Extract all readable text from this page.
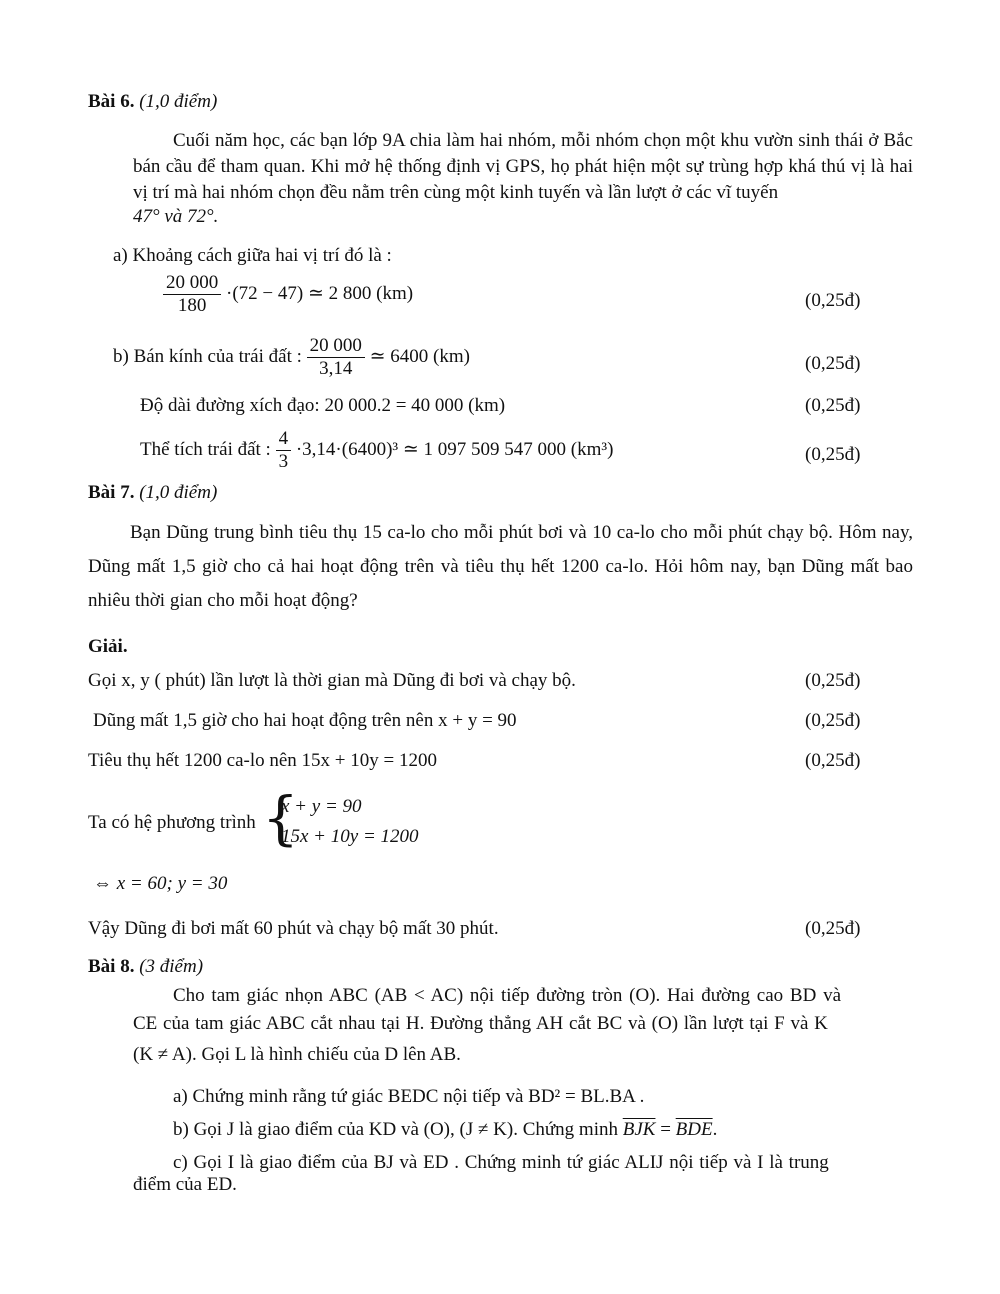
Bài 6. (1,0 điểm)
Cuối năm học, các bạn lớp 9A chia làm hai nhóm, mỗi nhóm chọn một khu vườn sinh thái ở Bắc bán cầu để tham quan. Khi mở hệ thống định vị GPS, họ phát hiện một sự trùng hợp khá thú vị là hai vị trí mà hai nhóm chọn đều nằm trên cùng một kinh tuyến và lần lượt ở các vĩ tuyến
47° và 72°.
a) Khoảng cách giữa hai vị trí đó là :
$\frac{20 000}{180} \cdot(72 - 47)$ ≃ 2 800 (km)	(0,25đ)
b) Bán kính của trái đất : $\frac{20 000}{3,14}$ ≃ 6400 (km)	(0,25đ)
Độ dài đường xích đạo: 20 000.2 = 40 000 (km)	(0,25đ)
Thể tích trái đất : $\frac{4}{3} \cdot 3,14\cdot(6400)^3$ ≃ 1 097 509 547 000 (km³)	(0,25đ)
Bài 7. (1,0 điểm)
Bạn Dũng trung bình tiêu thụ 15 ca-lo cho mỗi phút bơi và 10 ca-lo cho mỗi phút chạy bộ. Hôm nay, Dũng mất 1,5 giờ cho cả hai hoạt động trên và tiêu thụ hết 1200 ca-lo. Hỏi hôm nay, bạn Dũng mất bao nhiêu thời gian cho mỗi hoạt động?
Giải.
Gọi x, y ( phút) lần lượt là thời gian mà Dũng đi bơi và chạy bộ.	(0,25đ)
Dũng mất 1,5 giờ cho hai hoạt động trên nên x + y = 90	(0,25đ)
Tiêu thụ hết 1200 ca-lo nên 15x + 10y = 1200	(0,25đ)
Ta có hệ phương trình {
x + y = 90
15x + 10y = 1200
⇔ x = 60; y = 30
Vậy Dũng đi bơi mất 60 phút và chạy bộ mất 30 phút.	(0,25đ)
Bài 8. (3 điểm)
Cho tam giác nhọn ABC (AB < AC) nội tiếp đường tròn (O). Hai đường cao BD và
CE của tam giác ABC cắt nhau tại H. Đường thẳng AH cắt BC và (O) lần lượt tại F và K
(K ≠ A). Gọi L là hình chiếu của D lên AB.
a) Chứng minh rằng tứ giác BEDC nội tiếp và BD² = BL.BA .
b) Gọi J là giao điểm của KD và (O), (J ≠ K). Chứng minh $\overline{BJK} = \overline{BDE}$.
c) Gọi I là giao điểm của BJ và ED . Chứng minh tứ giác ALIJ nội tiếp và I là trung
điểm của ED.
